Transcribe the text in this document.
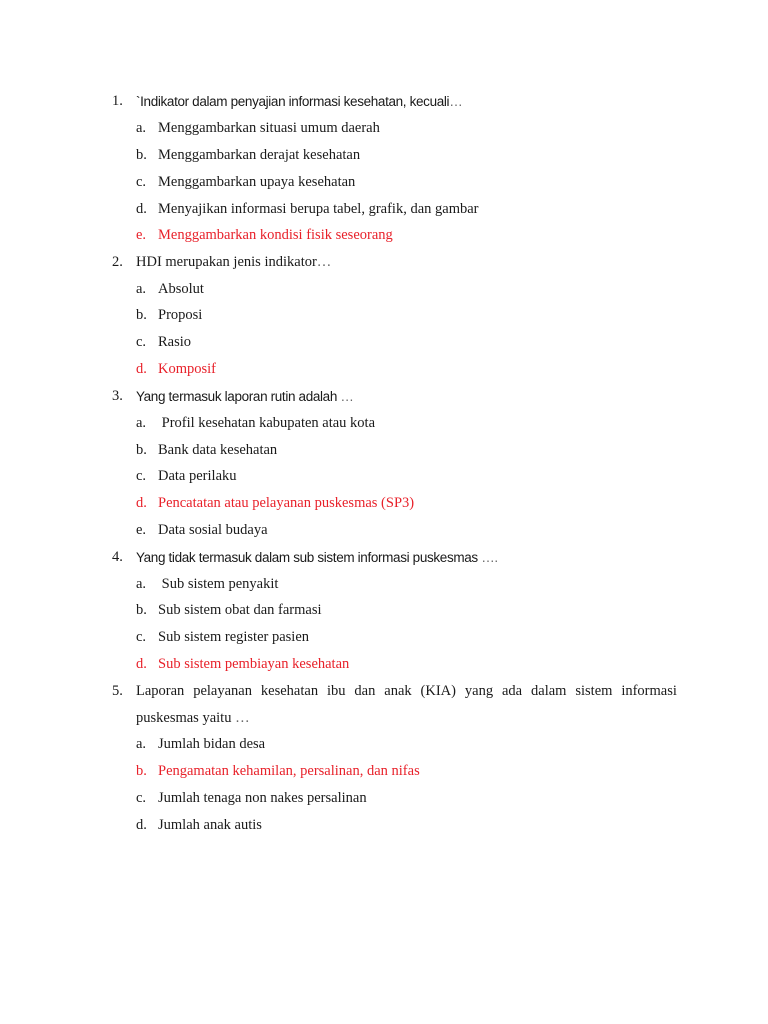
1. `Indikator dalam penyajian informasi kesehatan, kecuali…
a. Menggambarkan situasi umum daerah
b. Menggambarkan derajat kesehatan
c. Menggambarkan upaya kesehatan
d. Menyajikan informasi berupa tabel, grafik, dan gambar
e. Menggambarkan kondisi fisik seseorang
2. HDI merupakan jenis indikator…
a. Absolut
b. Proposi
c. Rasio
d. Komposif
3. Yang termasuk laporan rutin adalah …
a. Profil kesehatan kabupaten atau kota
b. Bank data kesehatan
c. Data perilaku
d. Pencatatan atau pelayanan puskesmas (SP3)
e. Data sosial budaya
4. Yang tidak termasuk dalam sub sistem informasi puskesmas ….
a. Sub sistem penyakit
b. Sub sistem obat dan farmasi
c. Sub sistem register pasien
d. Sub sistem pembiayan kesehatan
5. Laporan pelayanan kesehatan ibu dan anak (KIA) yang ada dalam sistem informasi
puskesmas yaitu …
a. Jumlah bidan desa
b. Pengamatan kehamilan, persalinan, dan nifas
c. Jumlah tenaga non nakes persalinan
d. Jumlah anak autis
